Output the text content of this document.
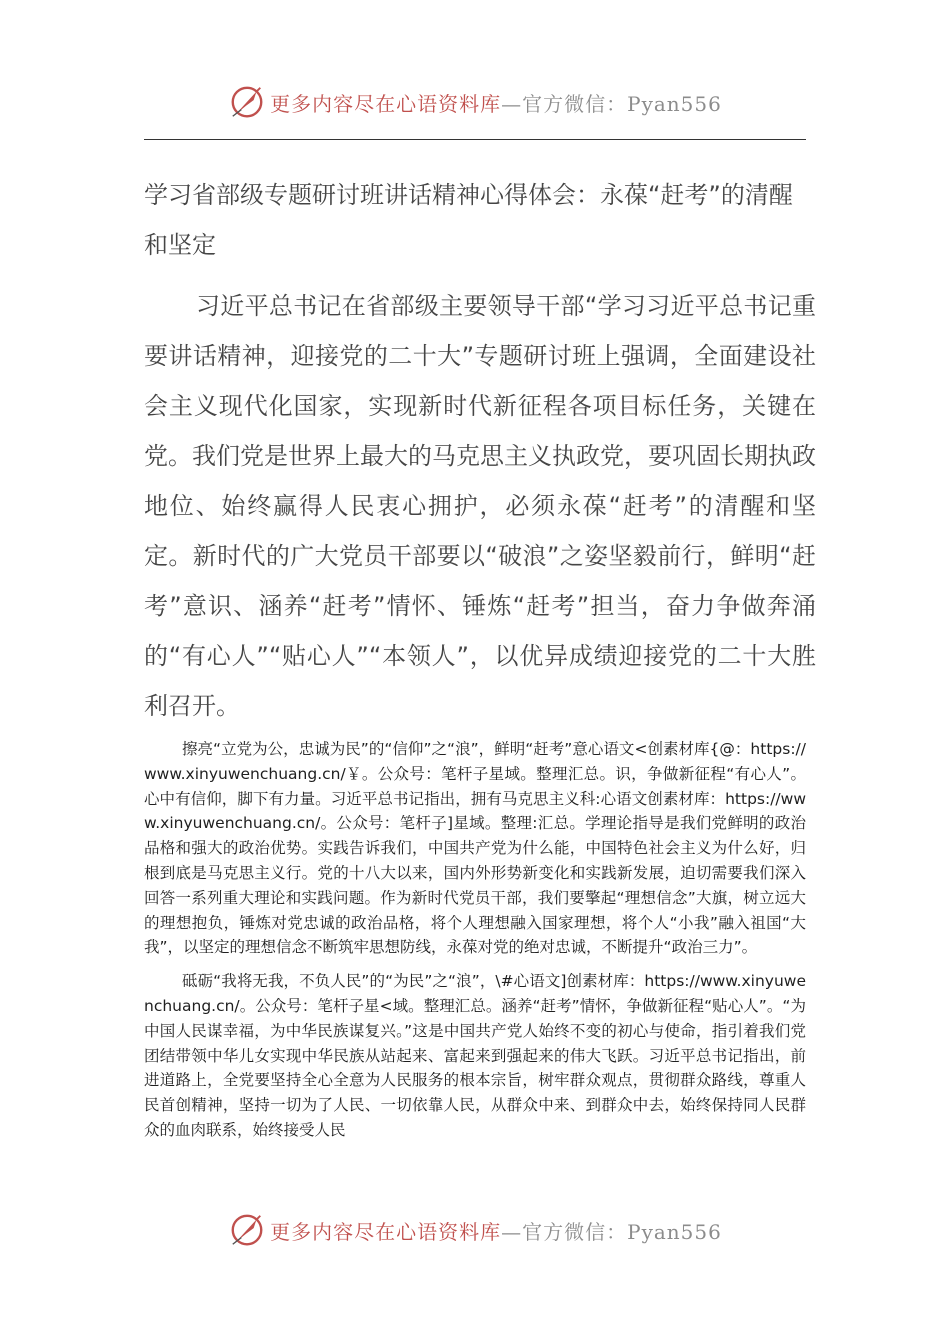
更多内容尽在心语资料库—官方微信：Pyan556
学习省部级专题研讨班讲话精神心得体会：永葆“赶考”的清醒和坚定

习近平总书记在省部级主要领导干部“学习习近平总书记重要讲话精神，迎接党的二十大”专题研讨班上强调，全面建设社会主义现代化国家，实现新时代新征程各项目标任务，关键在党。我们党是世界上最大的马克思主义执政党，要巩固长期执政地位、始终赢得人民衷心拥护，必须永葆“赶考”的清醒和坚定。新时代的广大党员干部要以“破浪”之姿坚毅前行，鲜明“赶考”意识、涵养“赶考”情怀、锤炼“赶考”担当，奋力争做奔涌的“有心人”“贴心人”“本领人”，以优异成绩迎接党的二十大胜利召开。

擦亮“立党为公，忠诚为民”的“信仰”之“浪”，鲜明“赶考”意心语文<创素材库{@：https://www.xinyuwenchuang.cn/￥。公众号：笔杆子星域。整理汇总。识，争做新征程“有心人”。心中有信仰，脚下有力量。习近平总书记指出，拥有马克思主义科:心语文创素材库：https://www.xinyuwenchuang.cn/。公众号：笔杆子]星域。整理:汇总。学理论指导是我们党鲜明的政治品格和强大的政治优势。实践告诉我们，中国共产党为什么能，中国特色社会主义为什么好，归根到底是马克思主义行。党的十八大以来，国内外形势新变化和实践新发展，迫切需要我们深入回答一系列重大理论和实践问题。作为新时代党员干部，我们要擎起“理想信念”大旗，树立远大的理想抱负，锤炼对党忠诚的政治品格，将个人理想融入国家理想，将个人“小我”融入祖国“大我”，以坚定的理想信念不断筑牢思想防线，永葆对党的绝对忠诚，不断提升“政治三力”。

砥砺“我将无我，不负人民”的“为民”之“浪”，\#心语文]创素材库：https://www.xinyuwenchuang.cn/。公众号：笔杆子星<域。整理汇总。涵养“赶考”情怀，争做新征程“贴心人”。“为中国人民谋幸福，为中华民族谋复兴。”这是中国共产党人始终不变的初心与使命，指引着我们党团结带领中华儿女实现中华民族从站起来、富起来到强起来的伟大飞跃。习近平总书记指出，前进道路上，全党要坚持全心全意为人民服务的根本宗旨，树牢群众观点，贯彻群众路线，尊重人民首创精神，坚持一切为了人民、一切依靠人民，从群众中来、到群众中去，始终保持同人民群众的血肉联系，始终接受人民

更多内容尽在心语资料库—官方微信：Pyan556
